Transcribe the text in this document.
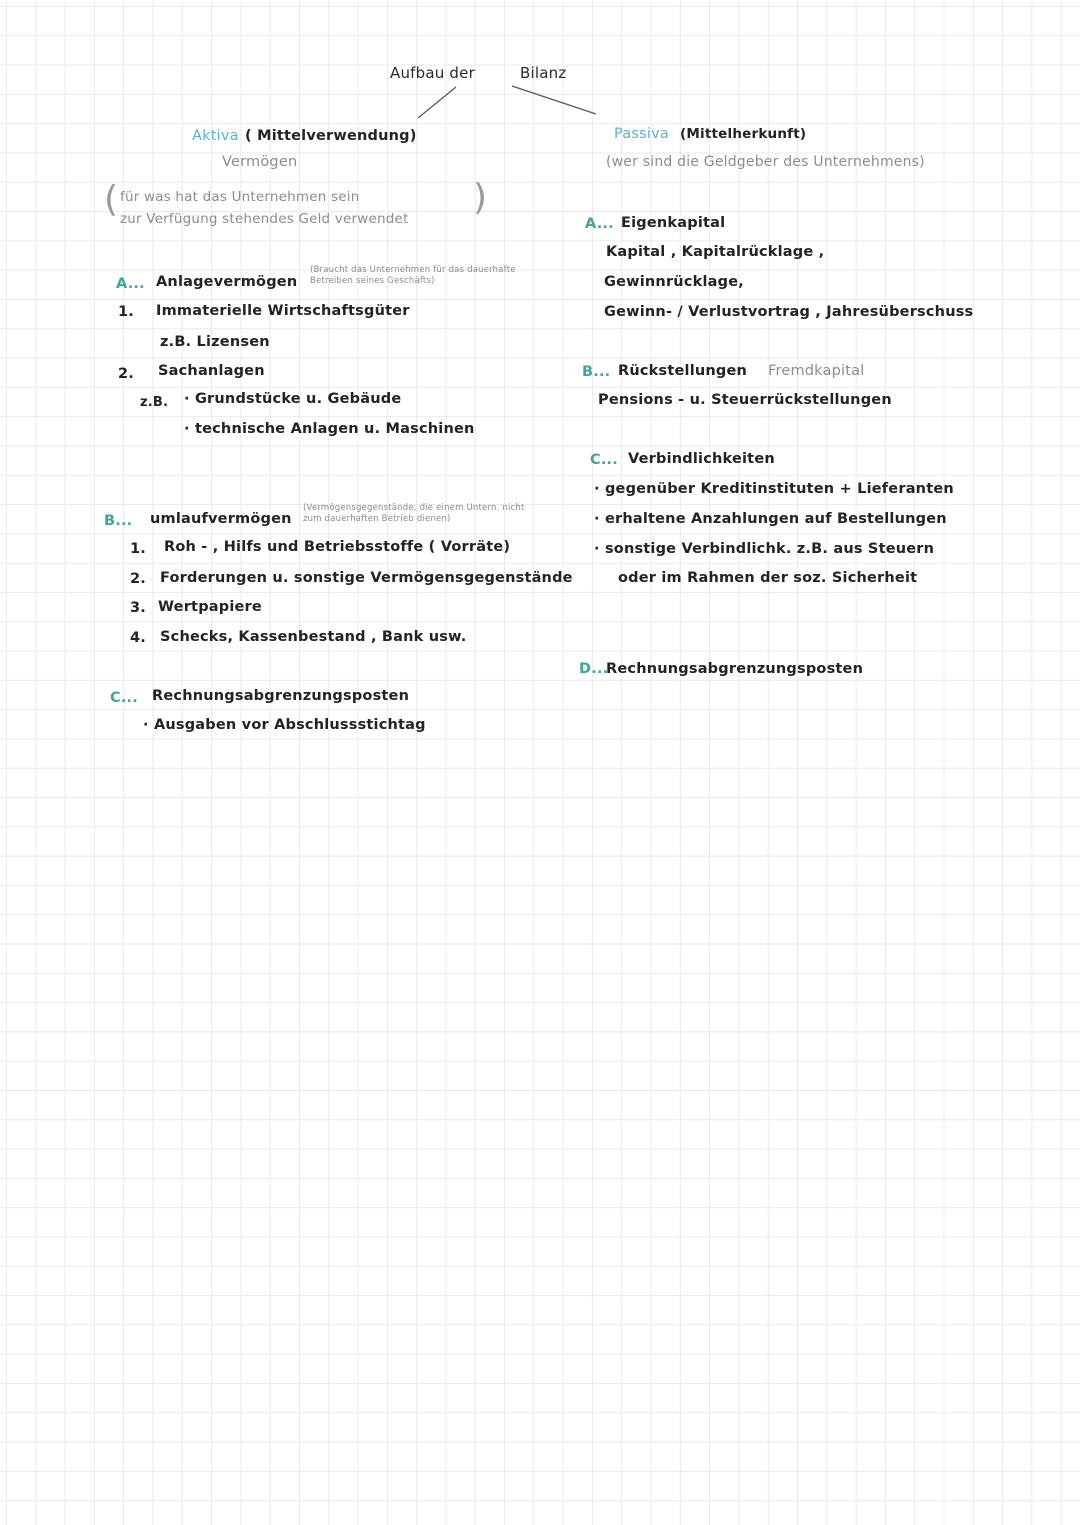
Aufbau der	Bilanz
Aktiva ( Mittelverwendung)
Vermögen
( für was hat das Unternehmen sein
zur Verfügung stehendes Geld verwendet
)
A... Anlagevermögen
(Braucht das Unternehmen für das dauerhafte Betreiben seines Geschäfts)
1. Immaterielle Wirtschaftsgüter
z.B. Lizensen
2. Sachanlagen
z.B. · Grundstücke u. Gebäude
· technische Anlagen u. Maschinen
B... umlaufvermögen
(Vermögensgegenstände, die einem Untern. nicht zum dauerhaften Betrieb dienen)
1. Roh - , Hilfs und Betriebsstoffe ( Vorräte)
2. Forderungen u. sonstige Vermögensgegenstände
3. Wertpapiere
4. Schecks, Kassenbestand , Bank usw.
C... Rechnungsabgrenzungsposten
· Ausgaben vor Abschlussstichtag
Passiva (Mittelherkunft)
(wer sind die Geldgeber des Unternehmens)
A... Eigenkapital
Kapital , Kapitalrücklage ,
Gewinnrücklage,
Gewinn- / Verlustvortrag , Jahresüberschuss
B... Rückstellungen Fremdkapital
Pensions - u. Steuerrückstellungen
C... Verbindlichkeiten
· gegenüber Kreditinstituten + Lieferanten
· erhaltene Anzahlungen auf Bestellungen
· sonstige Verbindlichk. z.B. aus Steuern
oder im Rahmen der soz. Sicherheit
D...
Rechnungsabgrenzungsposten
